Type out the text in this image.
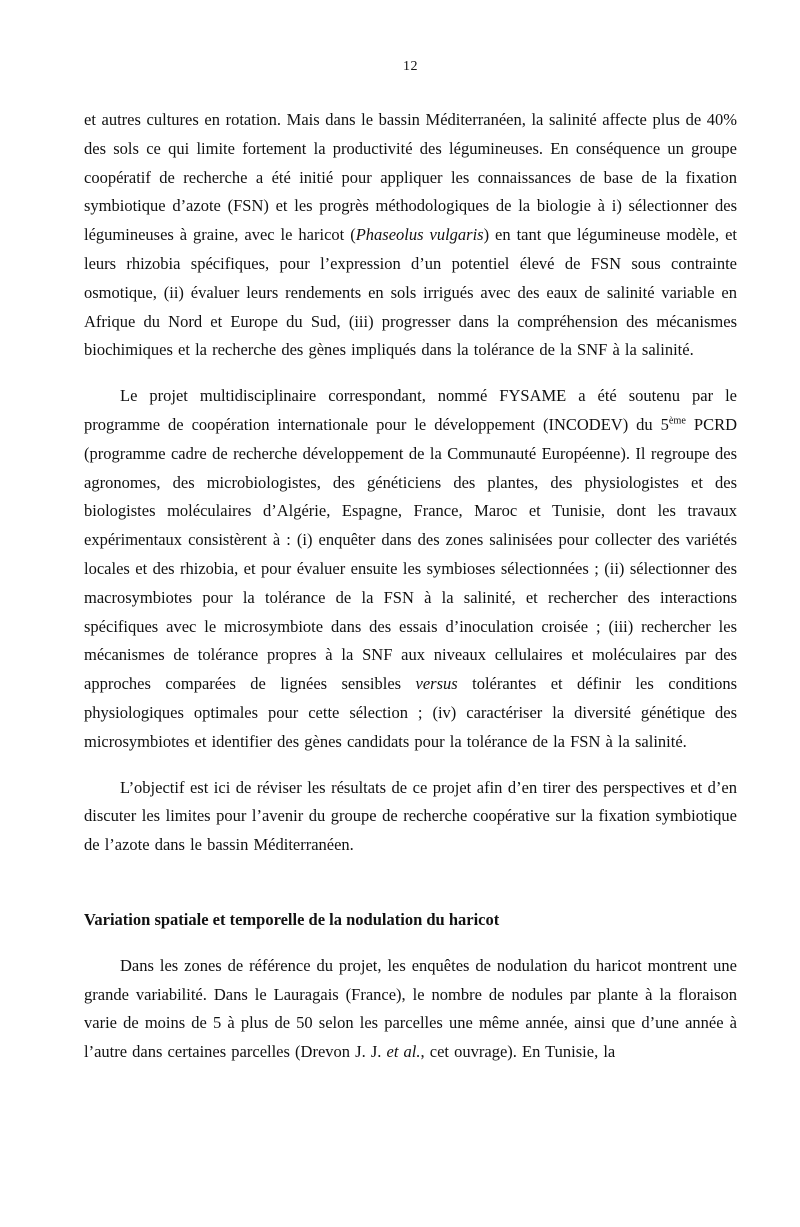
12

et autres cultures en rotation. Mais dans le bassin Méditerranéen, la salinité affecte plus de 40% des sols ce qui limite fortement la productivité des légumineuses. En conséquence un groupe coopératif de recherche a été initié pour appliquer les connaissances de base de la fixation symbiotique d’azote (FSN) et les progrès méthodologiques de la biologie à i) sélectionner des légumineuses à graine, avec le haricot (Phaseolus vulgaris) en tant que légumineuse modèle, et leurs rhizobia spécifiques, pour l’expression d’un potentiel élevé de FSN sous contrainte osmotique, (ii) évaluer leurs rendements en sols irrigués avec des eaux de salinité variable en Afrique du Nord et Europe du Sud, (iii) progresser dans la compréhension des mécanismes biochimiques et la recherche des gènes impliqués dans la tolérance de la SNF à la salinité.

Le projet multidisciplinaire correspondant, nommé FYSAME a été soutenu par le programme de coopération internationale pour le développement (INCODEV) du 5ème PCRD (programme cadre de recherche développement de la Communauté Européenne). Il regroupe des agronomes, des microbiologistes, des généticiens des plantes, des physiologistes et des biologistes moléculaires d’Algérie, Espagne, France, Maroc et Tunisie, dont les travaux expérimentaux consistèrent à : (i) enquêter dans des zones salinisées pour collecter des variétés locales et des rhizobia, et pour évaluer ensuite les symbioses sélectionnées ; (ii) sélectionner des macrosymbiotes pour la tolérance de la FSN à la salinité, et rechercher des interactions spécifiques avec le microsymbiote dans des essais d’inoculation croisée ; (iii) rechercher les mécanismes de tolérance propres à la SNF aux niveaux cellulaires et moléculaires par des approches comparées de lignées sensibles versus tolérantes et définir les conditions physiologiques optimales pour cette sélection ; (iv) caractériser la diversité génétique des microsymbiotes et identifier des gènes candidats pour la tolérance de la FSN à la salinité.

L’objectif est ici de réviser les résultats de ce projet afin d’en tirer des perspectives et d’en discuter les limites pour l’avenir du groupe de recherche coopérative sur la fixation symbiotique de l’azote dans le bassin Méditerranéen.

Variation spatiale et temporelle de la nodulation du haricot

Dans les zones de référence du projet, les enquêtes de nodulation du haricot montrent une grande variabilité. Dans le Lauragais (France), le nombre de nodules par plante à la floraison varie de moins de 5 à plus de 50 selon les parcelles une même année, ainsi que d’une année à l’autre dans certaines parcelles (Drevon J. J. et al., cet ouvrage). En Tunisie, la
